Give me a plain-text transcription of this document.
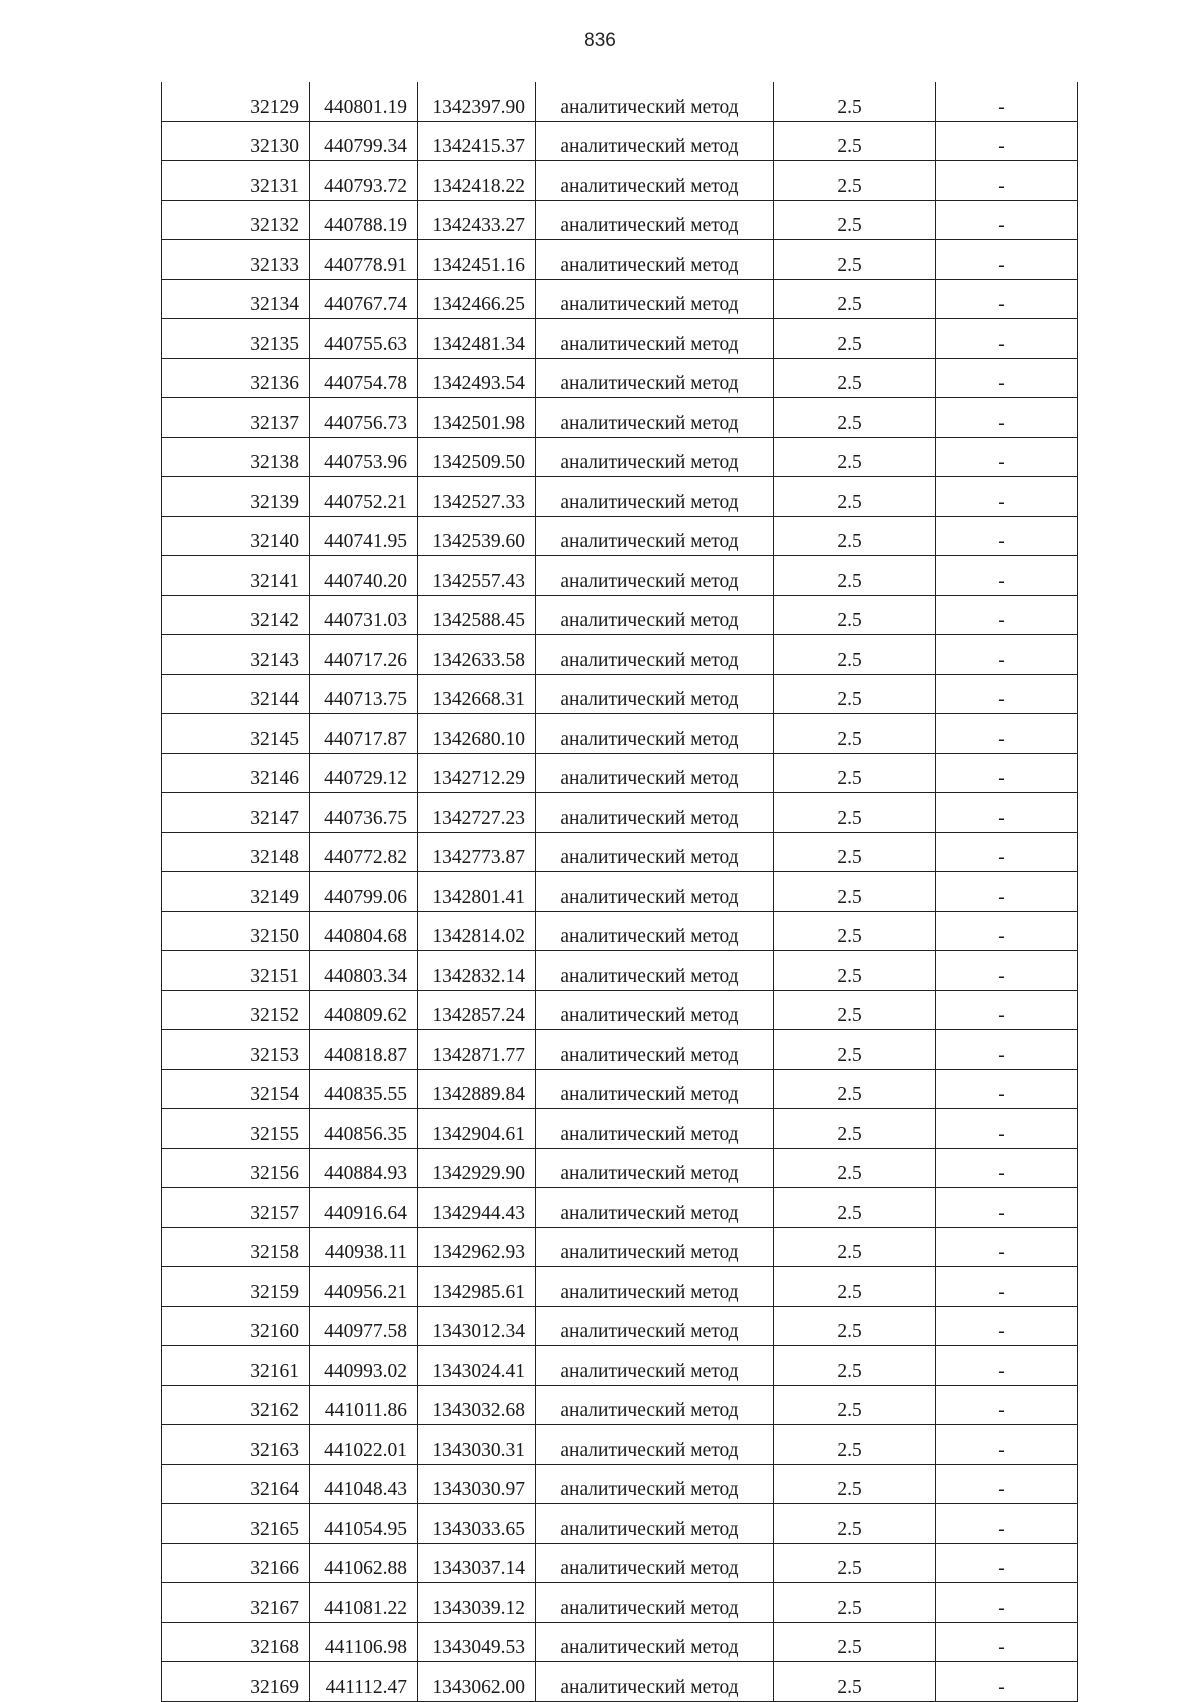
836
32129	440801.19	1342397.90	аналитический метод	2.5	-
32130	440799.34	1342415.37	аналитический метод	2.5	-
32131	440793.72	1342418.22	аналитический метод	2.5	-
32132	440788.19	1342433.27	аналитический метод	2.5	-
32133	440778.91	1342451.16	аналитический метод	2.5	-
32134	440767.74	1342466.25	аналитический метод	2.5	-
32135	440755.63	1342481.34	аналитический метод	2.5	-
32136	440754.78	1342493.54	аналитический метод	2.5	-
32137	440756.73	1342501.98	аналитический метод	2.5	-
32138	440753.96	1342509.50	аналитический метод	2.5	-
32139	440752.21	1342527.33	аналитический метод	2.5	-
32140	440741.95	1342539.60	аналитический метод	2.5	-
32141	440740.20	1342557.43	аналитический метод	2.5	-
32142	440731.03	1342588.45	аналитический метод	2.5	-
32143	440717.26	1342633.58	аналитический метод	2.5	-
32144	440713.75	1342668.31	аналитический метод	2.5	-
32145	440717.87	1342680.10	аналитический метод	2.5	-
32146	440729.12	1342712.29	аналитический метод	2.5	-
32147	440736.75	1342727.23	аналитический метод	2.5	-
32148	440772.82	1342773.87	аналитический метод	2.5	-
32149	440799.06	1342801.41	аналитический метод	2.5	-
32150	440804.68	1342814.02	аналитический метод	2.5	-
32151	440803.34	1342832.14	аналитический метод	2.5	-
32152	440809.62	1342857.24	аналитический метод	2.5	-
32153	440818.87	1342871.77	аналитический метод	2.5	-
32154	440835.55	1342889.84	аналитический метод	2.5	-
32155	440856.35	1342904.61	аналитический метод	2.5	-
32156	440884.93	1342929.90	аналитический метод	2.5	-
32157	440916.64	1342944.43	аналитический метод	2.5	-
32158	440938.11	1342962.93	аналитический метод	2.5	-
32159	440956.21	1342985.61	аналитический метод	2.5	-
32160	440977.58	1343012.34	аналитический метод	2.5	-
32161	440993.02	1343024.41	аналитический метод	2.5	-
32162	441011.86	1343032.68	аналитический метод	2.5	-
32163	441022.01	1343030.31	аналитический метод	2.5	-
32164	441048.43	1343030.97	аналитический метод	2.5	-
32165	441054.95	1343033.65	аналитический метод	2.5	-
32166	441062.88	1343037.14	аналитический метод	2.5	-
32167	441081.22	1343039.12	аналитический метод	2.5	-
32168	441106.98	1343049.53	аналитический метод	2.5	-
32169	441112.47	1343062.00	аналитический метод	2.5	-
